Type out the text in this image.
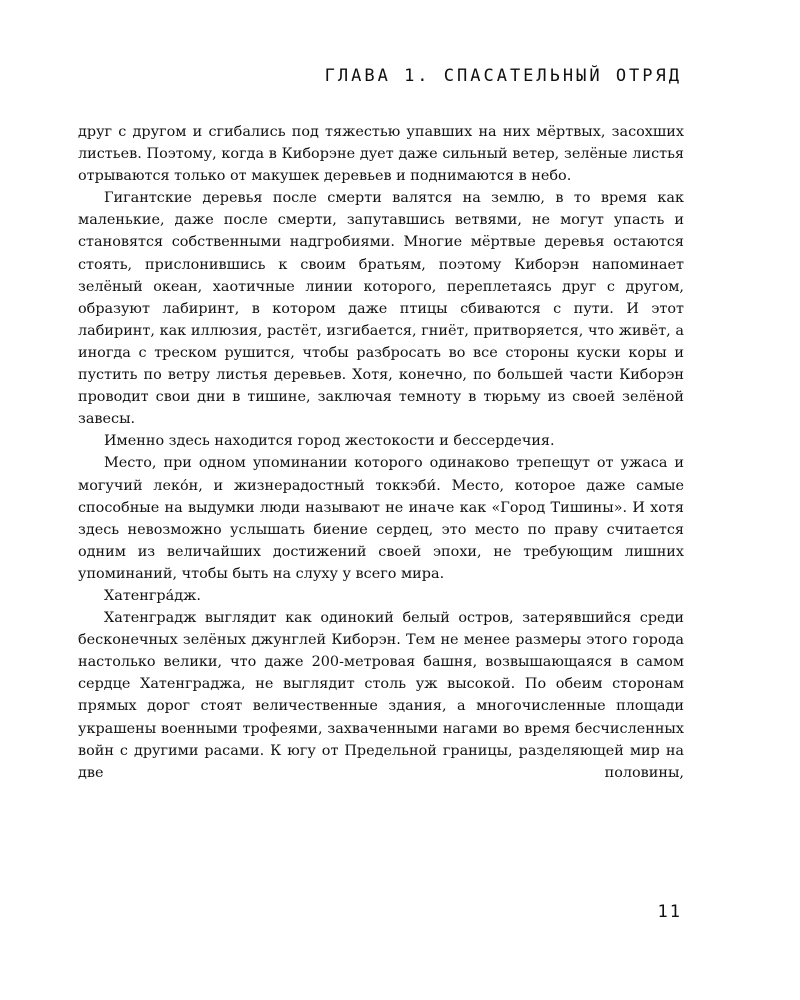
ГЛАВА 1. СПАСАТЕЛЬНЫЙ ОТРЯД

друг с другом и сгибались под тяжестью упавших на них мёртвых, засохших листьев. Поэтому, когда в Киборэне дует даже сильный ветер, зелёные листья отрываются только от макушек деревьев и поднимаются в небо.

Гигантские деревья после смерти валятся на землю, в то время как маленькие, даже после смерти, запутавшись ветвями, не могут упасть и становятся собственными надгробиями. Многие мёртвые деревья остаются стоять, прислонившись к своим братьям, поэтому Киборэн напоминает зелёный океан, хаотичные линии которого, переплетаясь друг с другом, образуют лабиринт, в котором даже птицы сбиваются с пути. И этот лабиринт, как иллюзия, растёт, изгибается, гниёт, притворяется, что живёт, а иногда с треском рушится, чтобы разбросать во все стороны куски коры и пустить по ветру листья деревьев. Хотя, конечно, по большей части Киборэн проводит свои дни в тишине, заключая темноту в тюрьму из своей зелёной завесы.

Именно здесь находится город жестокости и бессердечия.

Место, при одном упоминании которого одинаково трепещут от ужаса и могучий леко́н, и жизнерадостный токкэби́. Место, которое даже самые способные на выдумки люди называют не иначе как «Город Тишины». И хотя здесь невозможно услышать биение сердец, это место по праву считается одним из величайших достижений своей эпохи, не требующим лишних упоминаний, чтобы быть на слуху у всего мира.

Хатенгра́дж.

Хатенградж выглядит как одинокий белый остров, затерявшийся среди бесконечных зелёных джунглей Киборэн. Тем не менее размеры этого города настолько велики, что даже 200-метровая башня, возвышающаяся в самом сердце Хатенграджа, не выглядит столь уж высокой. По обеим сторонам прямых дорог стоят величественные здания, а многочисленные площади украшены военными трофеями, захваченными нагами во время бесчисленных войн с другими расами. К югу от Предельной границы, разделяющей мир на две половины,

11
